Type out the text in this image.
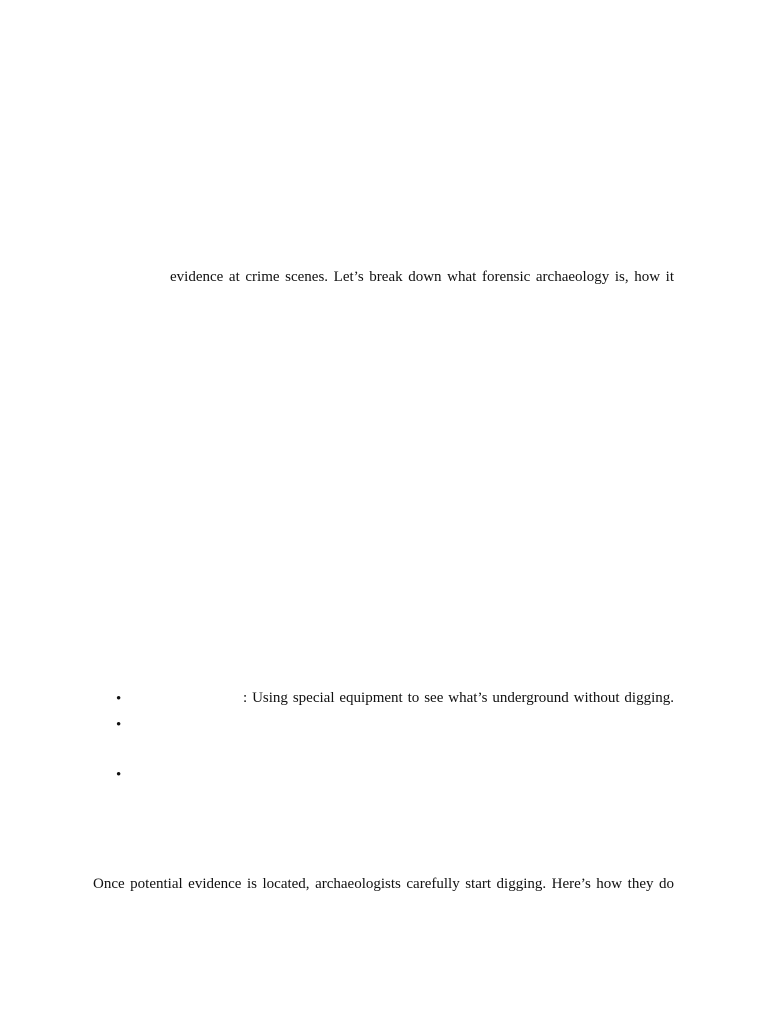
evidence at crime scenes. Let’s break down what forensic archaeology is, how it
•	: Using special equipment to see what’s underground without digging.
•
•
Once potential evidence is located, archaeologists carefully start digging. Here’s how they do
